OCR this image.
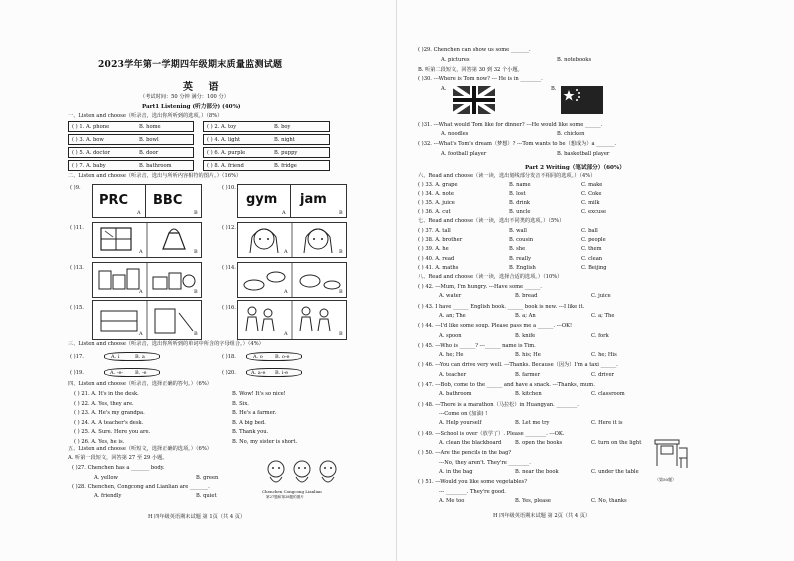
2023学年第一学期四年级期末质量监测试题
英 语
（考试时间：50 分钟 满分：100 分）
Part1 Listening (听力部分) (40%)
一、Listen and choose（听录音，选出你所听到的选项。）（8%）
二、Listen and choose（听录音，选出与所听内容相符的图片。）（16%）
( )9.
PRC BBC
A	B
( )10.
gym jam
A	B
( )11.
A	B
( )12.
A	B
( )13.
A	B
( )14.
A	B
( )15.
A	B
( )16.
A	B
三、Listen and choose（听录音，选出你所听到的单词中所含的字母组合。）（4%）
( )17.	A. i	B. a	( )18.	A. o B. o-e
( )19.	A. -e- B. -e	( )20.	A. a-e B. i-e
四、Listen and choose（听录音，选择正确的答句。）（6%）
五、Listen and choose（听短文，选择正确的选项。）（6%）
A. 听第一段短文，回答第 27 至 29 小题。
( )27. Chenchen has a _______ body.
A. yellow	B. green
( )28. Chenchen, Congcong and Lianlian are _______.
A. friendly	B. quiet
Chenchen Congcong Lianlian
第27题和第28题的图片
H 四年级英语期末试题 第 1页（共 4 页）
( ) 1. A. phone	B. home	( ) 2. A. toy	B. boy
( ) 3. A. bow	B. bowl	( ) 4. A. light	B. night
( ) 5. A. doctor	B. door	( ) 6. A. purple	B. puppy
( ) 7. A. baby	B. bathroom	( ) 8. A. friend	B. fridge
( ) 21. A. It's in the desk.	B. Wow! It's so nice!
( ) 22. A. Yes, they are.	B. Six.
( ) 23. A. He's my grandpa.	B. He's a farmer.
( ) 24. A. A teacher's desk.	B. A big bed.
( ) 25. A. Sure. Here you are.	B. Thank you.
( ) 26. A. Yes, he is.	B. No, my sister is short.
( )29. Chenchen can show us some _______.
A. pictures	B. notebooks
B. 听第二段短文，回答第 30 到 32 个小题。
( )30. ---Where is Tom now? --- He is in ________.
A.	B.
( )31. ---What would Tom like for dinner? ---He would like some ______.
A. noodles	B. chicken
( )32. ---What's Tom's dream（梦想）? ---Tom wants to be（想成为）a _______.
A. football player	B. basketball player
Part 2 Writing（笔试部分）（60%）
六、Read and choose（读一读，选出划线部分发音不相同的选项。）（4%）
七、Read and choose（读一读，选出不同类的选项。）（5%）
八、Read and choose（读一读，选择合适的选项。）（10%）
（第50题）
H 四年级英语期末试题 第 2页（共 4 页）
( ) 33. A. grape	B. name	C. make
( ) 34. A. note	B. lost	C. Coke
( ) 35. A. juice	B. drink	C. milk
( ) 36. A. cut	B. uncle	C. excuse
( ) 37. A. tall	B. wall	C. ball
( ) 38. A. brother	B. cousin	C. people
( ) 39. A. he	B. she	C. them
( ) 40. A. read	B. really	C. clean
( ) 41. A. maths	B. English	C. Beijing
( ) 42. ---Mum, I'm hungry. ---Have some ______.
A. water	B. bread	C. juice
( ) 43. I have ______ English book. ______ book is new. ---I like it.
A. an; The	B. a; An	C. a; The
( ) 44. ---I'd like some soup. Please pass me a ______. ---OK!
A. spoon	B. knife	C. fork
( ) 45. ---Who is ______? ---______ name is Tim.
A. he; He	B. his; He	C. he; His
( ) 46. ---You can drive very well. ---Thanks. Because（因为）I'm a taxi ______.
A. teacher	B. farmer	C. driver
( ) 47. ---Bob, come to the ______ and have a snack. ---Thanks, mum.
A. bathroom	B. kitchen	C. classroom
( ) 48. ---There is a marathon（马拉松）in Huangyan. ________.
---Come on (加油) !
A. Help yourself	B. Let me try	C. Here it is
( ) 49. ---School is over（放学了）. Please ________. ---OK.
A. clean the blackboard	B. open the books	C. turn on the light
( ) 50. ---Are the pencils in the bag?
---No, they aren't. They're ________.
A. in the bag	B. near the book	C. under the table
( ) 51. ---Would you like some vegetables?
--- ________. They're good.
A. Me too	B. Yes, please	C. No, thanks
